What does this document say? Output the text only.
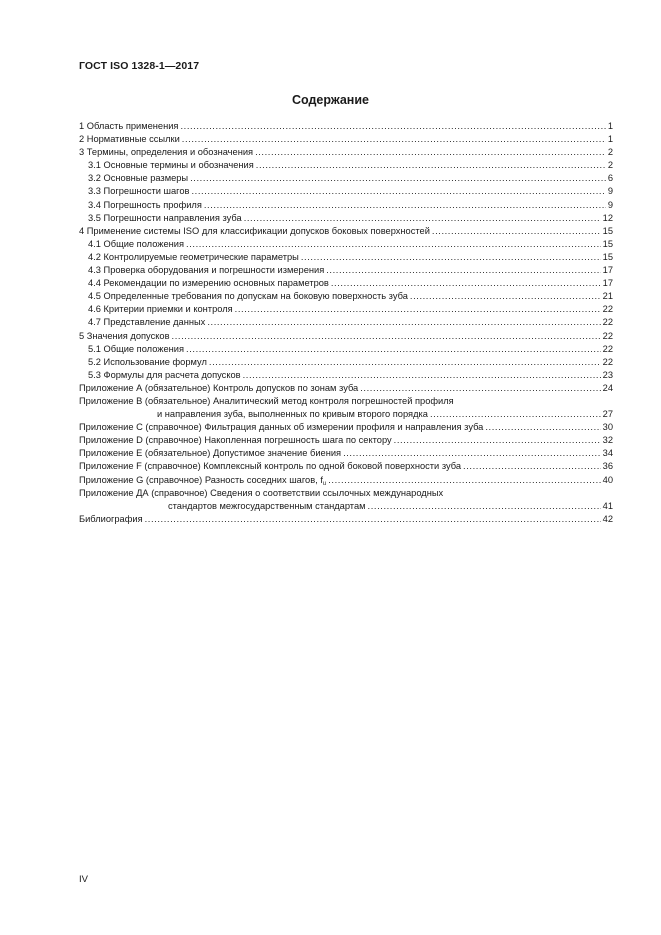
ГОСТ ISO 1328-1—2017
Содержание
1 Область применения .....	1
2 Нормативные ссылки .....	1
3 Термины, определения и обозначения .....	2
3.1 Основные термины и обозначения .....	2
3.2 Основные размеры .....	6
3.3 Погрешности шагов .....	9
3.4 Погрешность профиля .....	9
3.5 Погрешности направления зуба .....	12
4 Применение системы ISO для классификации допусков боковых поверхностей .....	15
4.1 Общие положения .....	15
4.2 Контролируемые геометрические параметры .....	15
4.3 Проверка оборудования и погрешности измерения .....	17
4.4 Рекомендации по измерению основных параметров .....	17
4.5 Определенные требования по допускам на боковую поверхность зуба .....	21
4.6 Критерии приемки и контроля .....	22
4.7 Представление данных .....	22
5 Значения допусков .....	22
5.1 Общие положения .....	22
5.2 Использование формул .....	22
5.3 Формулы для расчета допусков .....	23
Приложение А (обязательное) Контроль допусков по зонам зуба .....	24
Приложение В (обязательное) Аналитический метод контроля погрешностей профиля
и направления зуба, выполненных по кривым второго порядка .....	27
Приложение С (справочное) Фильтрация данных об измерении профиля и направления зуба .....	30
Приложение D (справочное) Накопленная погрешность шага по сектору .....	32
Приложение Е (обязательное) Допустимое значение биения .....	34
Приложение F (справочное) Комплексный контроль по одной боковой поверхности зуба .....	36
Приложение G (справочное) Разность соседних шагов, $f_u$ .....	40
Приложение ДА (справочное) Сведения о соответствии ссылочных международных
стандартов межгосударственным стандартам .....	41
Библиография .....	42
IV
